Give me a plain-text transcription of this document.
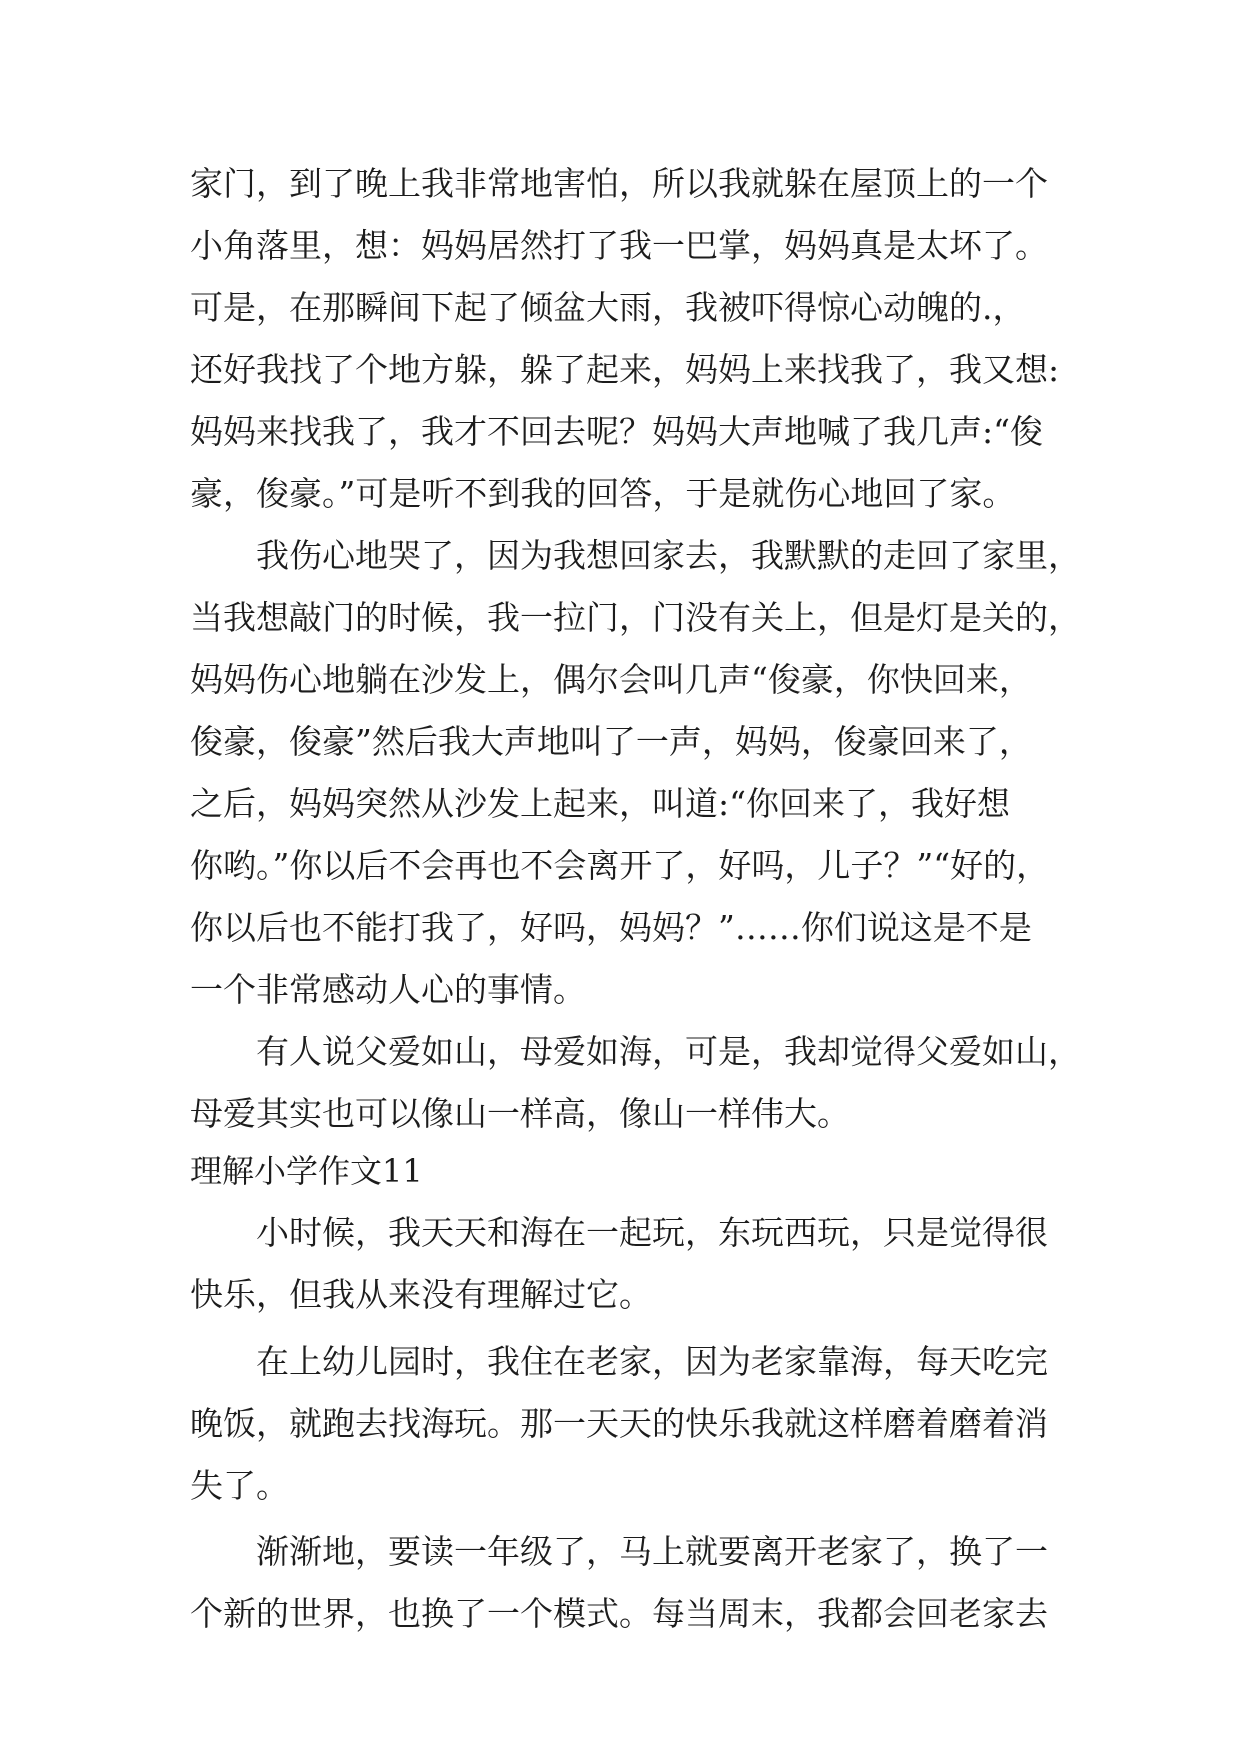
家门，到了晚上我非常地害怕，所以我就躲在屋顶上的一个
小角落里，想：妈妈居然打了我一巴掌，妈妈真是太坏了。
可是，在那瞬间下起了倾盆大雨，我被吓得惊心动魄的.，
还好我找了个地方躲，躲了起来，妈妈上来找我了，我又想:
妈妈来找我了，我才不回去呢？妈妈大声地喊了我几声:“俊
豪，俊豪。”可是听不到我的回答，于是就伤心地回了家。
我伤心地哭了，因为我想回家去，我默默的走回了家里，
当我想敲门的时候，我一拉门，门没有关上，但是灯是关的，
妈妈伤心地躺在沙发上，偶尔会叫几声“俊豪，你快回来，
俊豪，俊豪”然后我大声地叫了一声，妈妈，俊豪回来了，
之后，妈妈突然从沙发上起来，叫道:“你回来了，我好想
你哟。”你以后不会再也不会离开了，好吗，儿子？”“好的，
你以后也不能打我了，好吗，妈妈？”……你们说这是不是
一个非常感动人心的事情。
有人说父爱如山，母爱如海，可是，我却觉得父爱如山，
母爱其实也可以像山一样高，像山一样伟大。
理解小学作文11
小时候，我天天和海在一起玩，东玩西玩，只是觉得很
快乐，但我从来没有理解过它。
在上幼儿园时，我住在老家，因为老家靠海，每天吃完
晚饭，就跑去找海玩。那一天天的快乐我就这样磨着磨着消
失了。
渐渐地，要读一年级了，马上就要离开老家了，换了一
个新的世界，也换了一个模式。每当周末，我都会回老家去
